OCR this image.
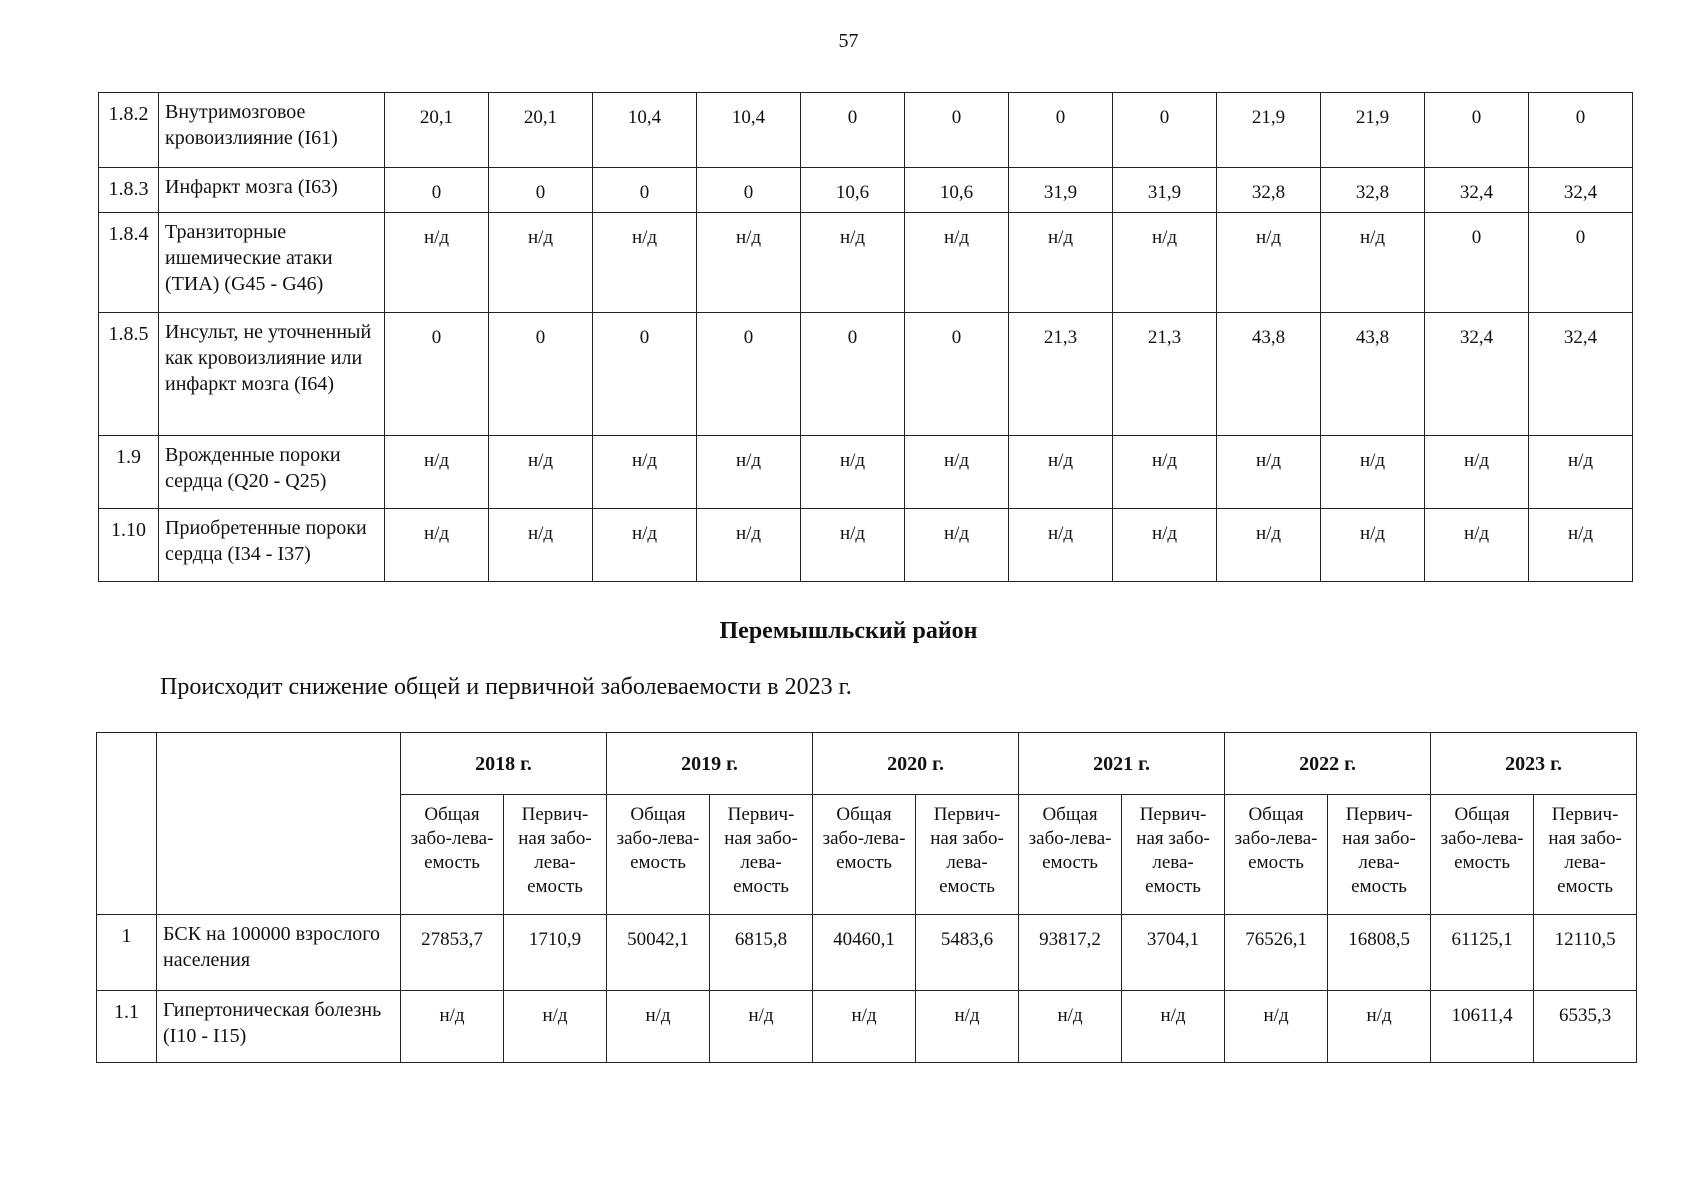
57
1.8.2	Внутримозговое кровоизлияние (I61)	20,1	20,1	10,4	10,4	0	0	0	0	21,9	21,9	0	0
1.8.3	Инфаркт мозга (I63)	0	0	0	0	10,6	10,6	31,9	31,9	32,8	32,8	32,4	32,4
1.8.4	Транзиторные ишемические атаки (ТИА) (G45 - G46)	н/д	н/д	н/д	н/д	н/д	н/д	н/д	н/д	н/д	н/д	0	0
1.8.5	Инсульт, не уточненный как кровоизлияние или инфаркт мозга (I64)	0	0	0	0	0	0	21,3	21,3	43,8	43,8	32,4	32,4
1.9	Врожденные пороки сердца (Q20 - Q25)	н/д	н/д	н/д	н/д	н/д	н/д	н/д	н/д	н/д	н/д	н/д	н/д
1.10	Приобретенные пороки сердца (I34 - I37)	н/д	н/д	н/д	н/д	н/д	н/д	н/д	н/д	н/д	н/д	н/д	н/д
Перемышльский район
Происходит снижение общей и первичной заболеваемости в 2023 г.
		2018 г.		2019 г.		2020 г.		2021 г.		2022 г.		2023 г.	
		Общая забо-лева-емость	Первич-ная забо-лева-емость	Общая забо-лева-емость	Первич-ная забо-лева-емость	Общая забо-лева-емость	Первич-ная забо-лева-емость	Общая забо-лева-емость	Первич-ная забо-лева-емость	Общая забо-лева-емость	Первич-ная забо-лева-емость	Общая забо-лева-емость	Первич-ная забо-лева-емость
1	БСК на 100000 взрослого населения	27853,7	1710,9	50042,1	6815,8	40460,1	5483,6	93817,2	3704,1	76526,1	16808,5	61125,1	12110,5
1.1	Гипертоническая болезнь (I10 - I15)	н/д	н/д	н/д	н/д	н/д	н/д	н/д	н/д	н/д	н/д	10611,4	6535,3
